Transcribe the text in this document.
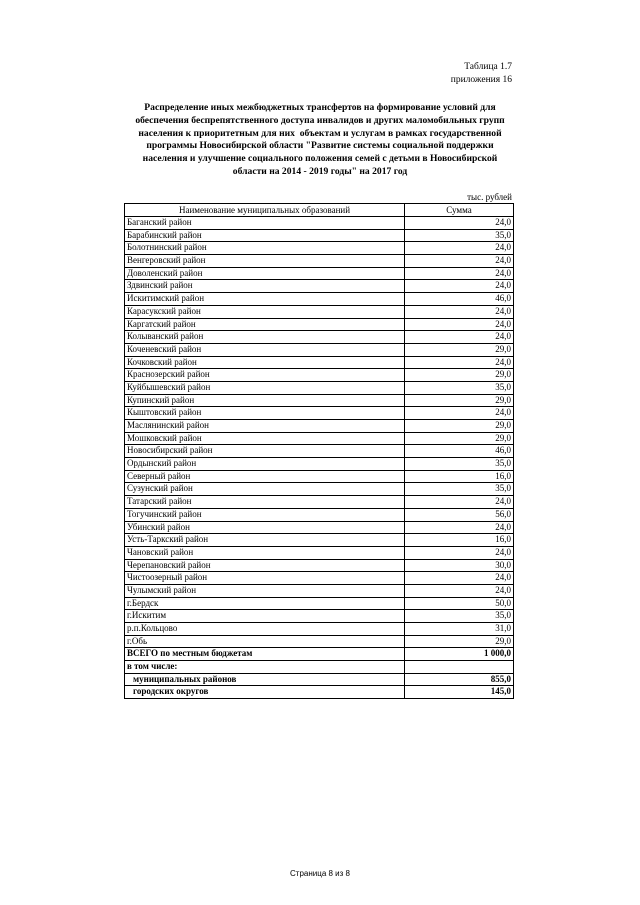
Таблица 1.7
приложения 16
Распределение иных межбюджетных трансфертов на формирование условий для
обеспечения беспрепятственного доступа инвалидов и других маломобильных групп
населения к приоритетным для них  объектам и услугам в рамках государственной
программы Новосибирской области "Развитие системы социальной поддержки
населения и улучшение социального положения семей с детьми в Новосибирской
области на 2014 - 2019 годы" на 2017 год
тыс. рублей
Наименование муниципальных образований	Сумма
Баганский район	24,0
Барабинский район	35,0
Болотнинский район	24,0
Венгеровский район	24,0
Доволенский район	24,0
Здвинский район	24,0
Искитимский район	46,0
Карасукский район	24,0
Каргатский район	24,0
Колыванский район	24,0
Коченевский район	29,0
Кочковский район	24,0
Краснозерский район	29,0
Куйбышевский район	35,0
Купинский район	29,0
Кыштовский район	24,0
Маслянинский район	29,0
Мошковский район	29,0
Новосибирский район	46,0
Ордынский район	35,0
Северный район	16,0
Сузунский район	35,0
Татарский район	24,0
Тогучинский район	56,0
Убинский район	24,0
Усть-Таркский район	16,0
Чановский район	24,0
Черепановский район	30,0
Чистоозерный район	24,0
Чулымский район	24,0
г.Бердск	50,0
г.Искитим	35,0
р.п.Кольцово	31,0
г.Обь	29,0
ВСЕГО по местным бюджетам	1 000,0
в том числе:
муниципальных районов	855,0
городских округов	145,0
Страница 8 из 8
